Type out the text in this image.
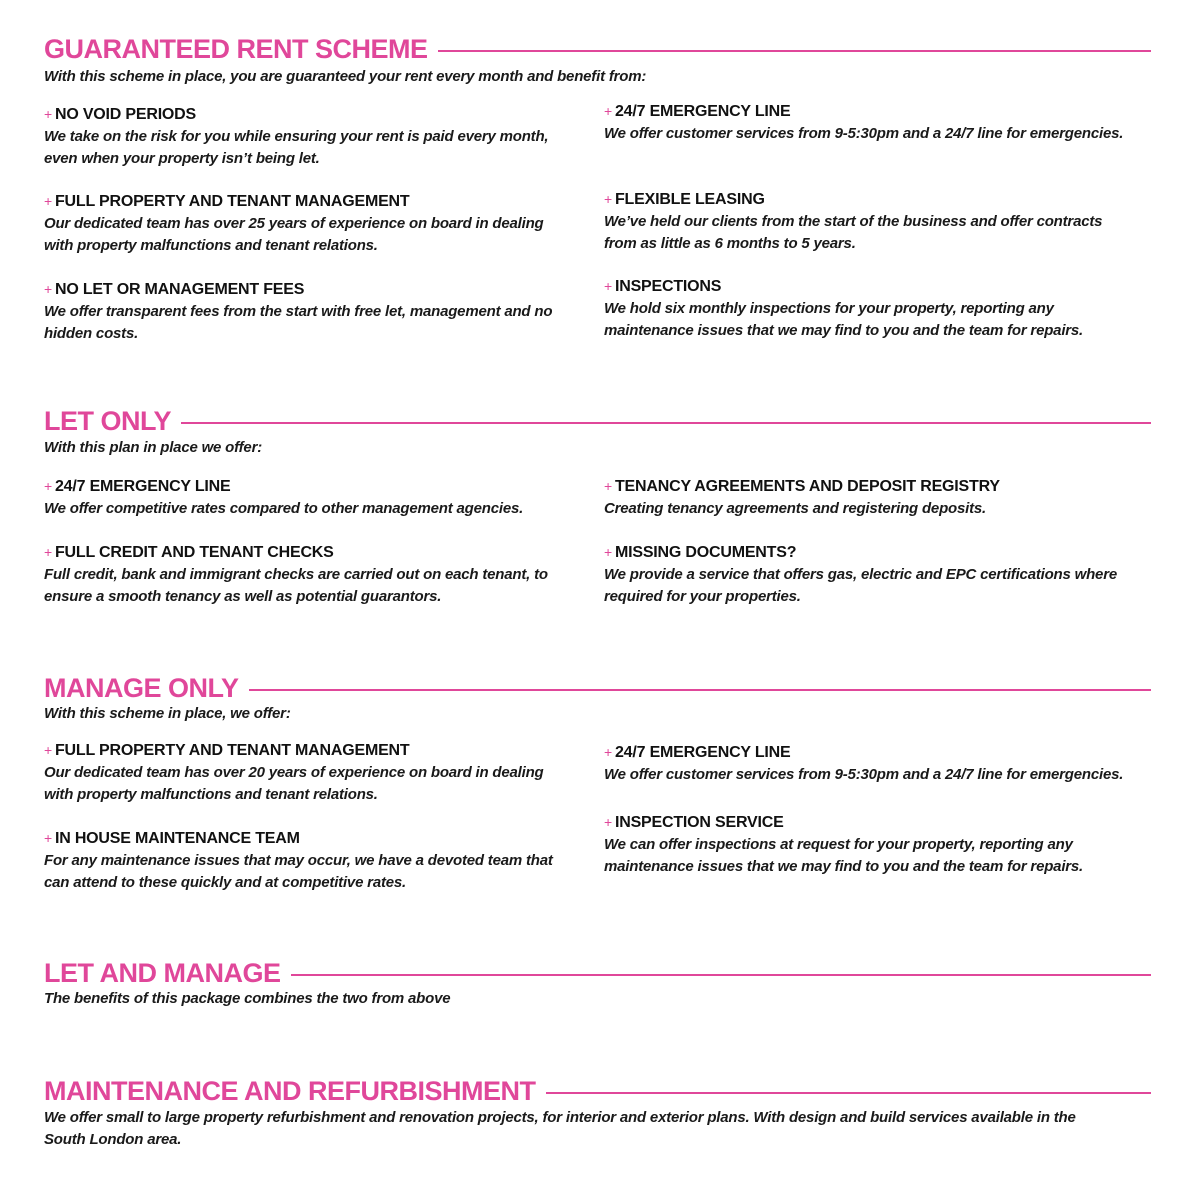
GUARANTEED RENT SCHEME
With this scheme in place, you are guaranteed your rent every month and benefit from:
+ NO VOID PERIODS
We take on the risk for you while ensuring your rent is paid every month,
even when your property isn’t being let.
+ FULL PROPERTY AND TENANT MANAGEMENT
Our dedicated team has over 25 years of experience on board in dealing
with property malfunctions and tenant relations.
+ NO LET OR MANAGEMENT FEES
We offer transparent fees from the start with free let, management and no
hidden costs.
+ 24/7 EMERGENCY LINE
We offer customer services from 9-5:30pm and a 24/7 line for emergencies.
+ FLEXIBLE LEASING
We’ve held our clients from the start of the business and offer contracts
from as little as 6 months to 5 years.
+ INSPECTIONS
We hold six monthly inspections for your property, reporting any
maintenance issues that we may find to you and the team for repairs.
LET ONLY
With this plan in place we offer:
+ 24/7 EMERGENCY LINE
We offer competitive rates compared to other management agencies.
+ FULL CREDIT AND TENANT CHECKS
Full credit, bank and immigrant checks are carried out on each tenant, to
ensure a smooth tenancy as well as potential guarantors.
+ TENANCY AGREEMENTS AND DEPOSIT REGISTRY
Creating tenancy agreements and registering deposits.
+ MISSING DOCUMENTS?
We provide a service that offers gas, electric and EPC certifications where
required for your properties.
MANAGE ONLY
With this scheme in place, we offer:
+ FULL PROPERTY AND TENANT MANAGEMENT
Our dedicated team has over 20 years of experience on board in dealing
with property malfunctions and tenant relations.
+ IN HOUSE MAINTENANCE TEAM
For any maintenance issues that may occur, we have a devoted team that
can attend to these quickly and at competitive rates.
+ 24/7 EMERGENCY LINE
We offer customer services from 9-5:30pm and a 24/7 line for emergencies.
+ INSPECTION SERVICE
We can offer inspections at request for your property, reporting any
maintenance issues that we may find to you and the team for repairs.
LET AND MANAGE
The benefits of this package combines the two from above
MAINTENANCE AND REFURBISHMENT
We offer small to large property refurbishment and renovation projects, for interior and exterior plans. With design and build services available in the
South London area.
